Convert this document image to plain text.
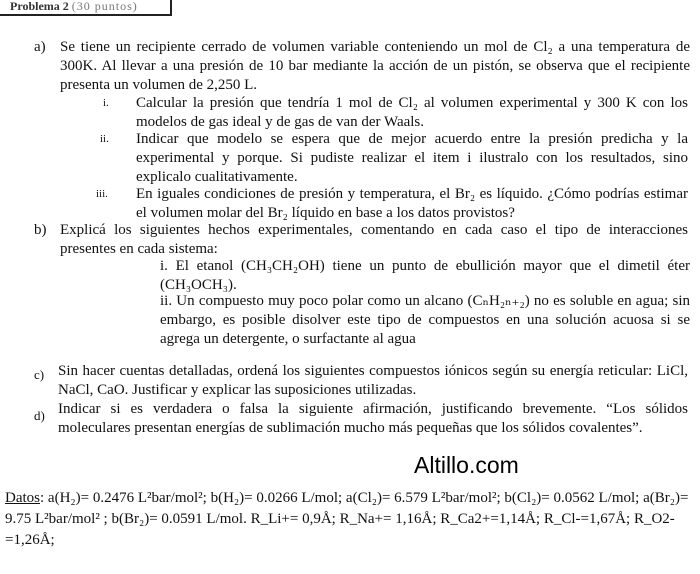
Problema 2 (30 puntos)
a) Se tiene un recipiente cerrado de volumen variable conteniendo un mol de Cl₂ a una temperatura de 300K. Al llevar a una presión de 10 bar mediante la acción de un pistón, se observa que el recipiente presenta un volumen de 2,250 L.
i. Calcular la presión que tendría 1 mol de Cl₂ al volumen experimental y 300 K con los modelos de gas ideal y de gas de van der Waals.
ii. Indicar que modelo se espera que de mejor acuerdo entre la presión predicha y la experimental y porque. Si pudiste realizar el item i ilustralo con los resultados, sino explicalo cualitativamente.
iii. En iguales condiciones de presión y temperatura, el Br₂ es líquido. ¿Cómo podrías estimar el volumen molar del Br₂ líquido en base a los datos provistos?
b) Explicá los siguientes hechos experimentales, comentando en cada caso el tipo de interacciones presentes en cada sistema:
i. El etanol (CH₃CH₂OH) tiene un punto de ebullición mayor que el dimetil éter (CH₃OCH₃).
ii. Un compuesto muy poco polar como un alcano (CₙH₂ₙ₊₂) no es soluble en agua; sin embargo, es posible disolver este tipo de compuestos en una solución acuosa si se agrega un detergente, o surfactante al agua
c) Sin hacer cuentas detalladas, ordená los siguientes compuestos iónicos según su energía reticular: LiCl, NaCl, CaO. Justificar y explicar las suposiciones utilizadas.
d) Indicar si es verdadera o falsa la siguiente afirmación, justificando brevemente. “Los sólidos moleculares presentan energías de sublimación mucho más pequeñas que los sólidos covalentes”.
Altillo.com
Datos: a(H₂)= 0.2476 L²bar/mol²; b(H₂)= 0.0266 L/mol; a(Cl₂)= 6.579 L²bar/mol²; b(Cl₂)= 0.0562 L/mol; a(Br₂)= 9.75 L²bar/mol² ; b(Br₂)= 0.0591 L/mol. R_Li+= 0,9Å; R_Na+= 1,16Å; R_Ca2+=1,14Å; R_Cl-=1,67Å; R_O2-=1,26Å;
